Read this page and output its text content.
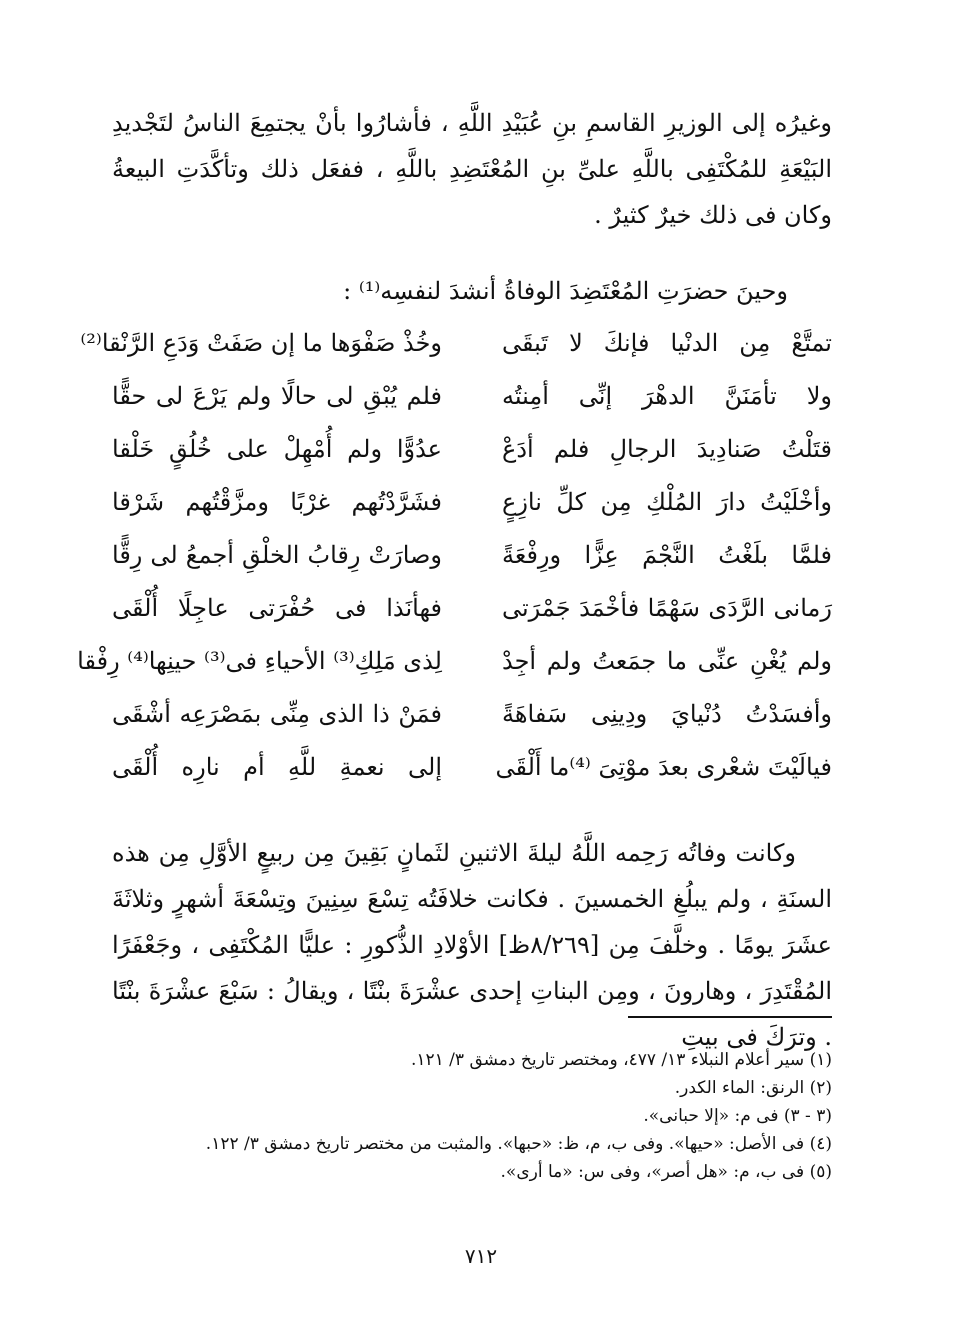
وغيرُه إلى الوزيرِ القاسمِ بنِ عُبَيْدِ اللَّهِ ، فأشارُوا بأنْ يجتمِعَ الناسُ لتَجْديدِ البَيْعَةِ للمُكْتَفِى باللَّهِ علىِّ بنِ المُعْتَضِدِ باللَّهِ ، ففعَل ذلك وتأكَّدَتِ البيعةُ وكان فى ذلك خيرٌ كثيرٌ .

وحينَ حضرَتِ المُعْتَضِدَ الوفاةُ أنشدَ لنفسِه⁽¹⁾ :

تمتَّعْ مِن الدنْيا فإنكَ لا تَبقَى
وخُذْ صَفْوَها ما إن صَفَتْ وَدَعِ الرَّنْقا⁽²⁾
ولا تأمَنَنَّ الدهْرَ إنِّى أمِنتُه
فلم يُبْقِ لى حالًا ولم يَرْعَ لى حقًّا
قتَلْتُ صَنادِيدَ الرجالِ فلم أدَعْ
عدُوًّا ولم أُمْهِلْ على خُلُقٍ خَلْقا
وأخْلَيْتُ دارَ المُلْكِ مِن كلِّ نازِعٍ
فشَرَّدْتُهم غرْبًا ومزَّقْتُهم شَرْقا
فلمَّا بلَغْتُ النَّجْمَ عِزًّا ورِفْعَةً
وصارَتْ رِقابُ الخلْقِ أجمعُ لى رِقًّا
رَمانى الرَّدَى سَهْمًا فأخْمَدَ جَمْرَتى
فهأنَذا فى حُفْرَتى عاجِلًا أُلْقَى
ولم يُغْنِ عنِّى ما جمَعتُ ولم أجِدْ
لِذى مَلِكِ⁽³⁾ الأحياءِ فى⁽³⁾ حينِها⁽⁴⁾ رِفْقا
وأفسَدْتُ دُنْيايَ ودِينِى سَفاهَةً
فمَنْ ذا الذى مِنِّى بمَصْرَعِه أشْقَى
فيالَيْتَ شعْرى بعدَ موْتِىَ ⁽⁴⁾ما أَلْقَى
إلى نعمةِ للَّهِ أم نارِه أُلْقَى

وكانت وفاتُه رَحِمه اللَّهُ ليلةَ الاثنينِ لثَمانٍ بَقِينَ مِن ربيعٍ الأوَّلِ مِن هذه السنَةِ ، ولم يبلُغِ الخمسينَ . فكانت خلافَتُه تِسْعَ سِنِينَ وتِسْعَةَ أشهرٍ وثلاثَةَ عشَرَ يومًا . وخلَّفَ مِن [٨/٢٦٩ظ] الأوْلادِ الذُّكورِ : عليًّا المُكْتَفِى ، وجَعْفَرًا المُقْتَدِرَ ، وهارونَ ، ومِن البناتِ إحدى عشْرَةَ بنْتًا ، ويقالُ : سَبْعَ عشْرَةَ بنْتًا . وترَكَ فى بيتِ

(١) سير أعلام النبلاء ١٣/ ٤٧٧، ومختصر تاريخ دمشق ٣/ ١٢١.
(٢) الرنق: الماء الكدر.
(٣ - ٣) فى م: «إلا حبانى».
(٤) فى الأصل: «حيها». وفى ب، م، ظ: «حبها». والمثبت من مختصر تاريخ دمشق ٣/ ١٢٢.
(٥) فى ب، م: «هل أصر»، وفى س: «ما أرى».
٧١٢
